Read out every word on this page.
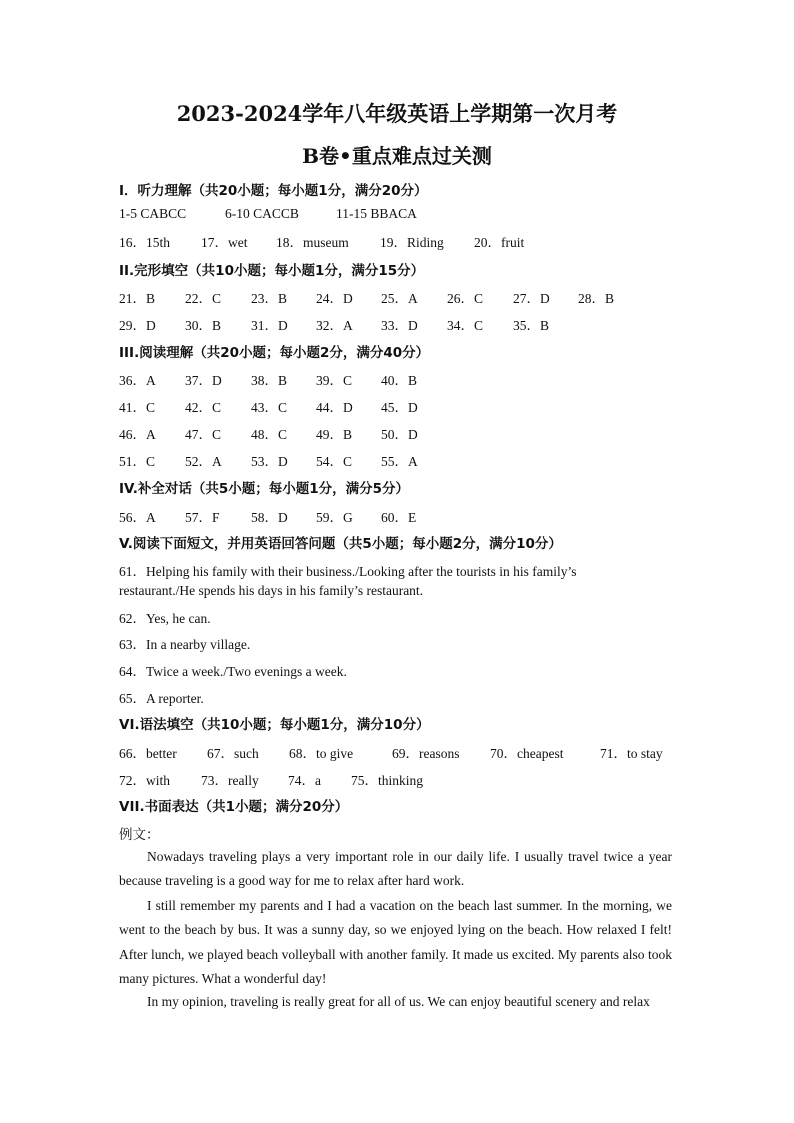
2023-2024学年八年级英语上学期第一次月考
B卷•重点难点过关测
I．听力理解（共20小题；每小题1分，满分20分）
1-5 CABCC	6-10 CACCB	11-15 BBACA
16．15th 17．wet 18．museum 19．Riding 20．fruit
II.完形填空（共10小题；每小题1分，满分15分）
21．B 22．C 23．B 24．D 25．A 26．C 27．D 28．B
29．D 30．B 31．D 32．A 33．D 34．C 35．B
III.阅读理解（共20小题；每小题2分，满分40分）
36．A 37．D 38．B 39．C 40．B
41．C 42．C 43．C 44．D 45．D
46．A 47．C 48．C 49．B 50．D
51．C 52．A 53．D 54．C 55．A
IV.补全对话（共5小题；每小题1分，满分5分）
56．A 57．F 58．D 59．G 60．E
V.阅读下面短文，并用英语回答问题（共5小题；每小题2分，满分10分）
61．Helping his family with their business./Looking after the tourists in his family’s
restaurant./He spends his days in his family’s restaurant.
62．Yes, he can.
63．In a nearby village.
64．Twice a week./Two evenings a week.
65．A reporter.
VI.语法填空（共10小题；每小题1分，满分10分）
66．better 67．such 68．to give	69．reasons 70．cheapest	71．to stay
72．with 73．really 74．a 75．thinking
VII.书面表达（共1小题；满分20分）
例文：

Nowadays traveling plays a very important role in our daily life. I usually travel twice a year because traveling is a good way for me to relax after hard work.

I still remember my parents and I had a vacation on the beach last summer. In the morning, we went to the beach by bus. It was a sunny day, so we enjoyed lying on the beach. How relaxed I felt! After lunch, we played beach volleyball with another family. It made us excited. My parents also took many pictures. What a wonderful day!

In my opinion, traveling is really great for all of us. We can enjoy beautiful scenery and relax
